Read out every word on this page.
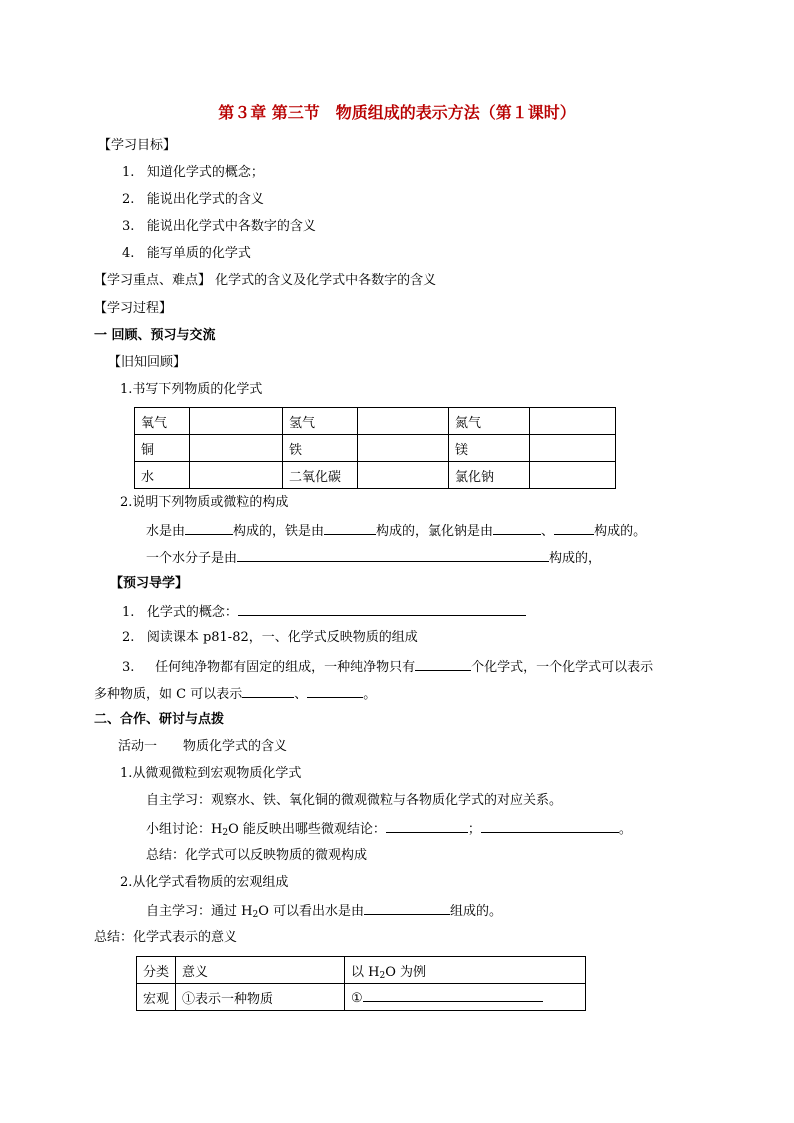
第３章 第三节　物质组成的表示方法（第１课时）
【学习目标】
1. 知道化学式的概念；
2. 能说出化学式的含义
3. 能说出化学式中各数字的含义
4. 能写单质的化学式
【学习重点、难点】 化学式的含义及化学式中各数字的含义
【学习过程】
一 回顾、预习与交流
【旧知回顾】
1.书写下列物质的化学式
氧气		氢气		氮气	
铜		铁		镁	
水		二氧化碳		氯化钠	
2.说明下列物质或微粒的构成
水是由	构成的，铁是由	构成的，氯化钠是由	、	构成的。
一个水分子是由	构成的，
【预习导学】
1. 化学式的概念：
2. 阅读课本 p81-82，一、化学式反映物质的组成
3. 任何纯净物都有固定的组成，一种纯净物只有	个化学式，一个化学式可以表示
多种物质，如 C 可以表示	、	。
二、合作、研讨与点拨
活动一　　物质化学式的含义
1.从微观微粒到宏观物质化学式
自主学习：观察水、铁、氧化铜的微观微粒与各物质化学式的对应关系。
小组讨论：$H_2O$ 能反映出哪些微观结论：	；	。
总结：化学式可以反映物质的微观构成
2.从化学式看物质的宏观组成
自主学习：通过 $H_2O$ 可以看出水是由	组成的。
总结：化学式表示的意义
分类	意义	以 $H_2O$ 为例
宏观	①表示一种物质	①
